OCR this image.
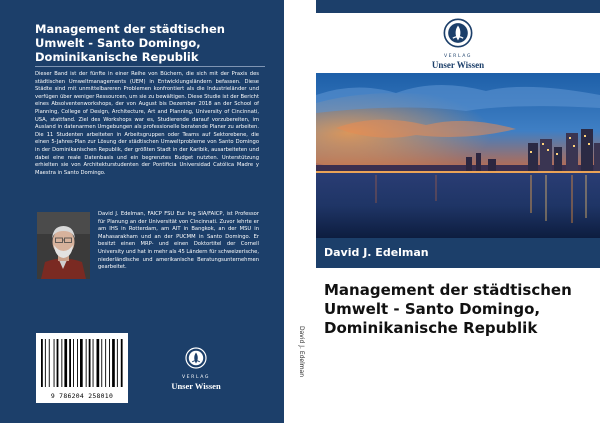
Management der städtischen Umwelt - Santo Domingo, Dominikanische Republik
Dieser Band ist der fünfte in einer Reihe von Büchern, die sich mit der Praxis des städtischen Umweltmanagements (UEM) in Entwicklungsländern befassen. Diese Städte sind mit unmittelbareren Problemen konfrontiert als die Industrieländer und verfügen über weniger Ressourcen, um sie zu bewältigen. Diese Studie ist der Bericht eines Absolventenworkshops, der von August bis Dezember 2018 an der School of Planning, College of Design, Architecture, Art and Planning, University of Cincinnati, USA, stattfand. Ziel des Workshops war es, Studierende darauf vorzubereiten, im Ausland in datenarmen Umgebungen als professionelle beratende Planer zu arbeiten. Die 11 Studenten arbeiteten in Arbeitsgruppen oder Teams auf Sektorebene, die einen 5-Jahres-Plan zur Lösung der städtischen Umweltprobleme von Santo Domingo in der Dominikanischen Republik, der größten Stadt in der Karibik, ausarbeiteten und dabei eine reale Datenbasis und ein begrenztes Budget nutzten. Unterstützung erhielten sie von Architekturstudenten der Pontificia Universidad Católica Madre y Maestra in Santo Domingo.
David J. Edelman, FAICP FSU Eur Ing SIA/FAICP, ist Professor für Planung an der Universität von Cincinnati. Zuvor lehrte er am IHS in Rotterdam, am AIT in Bangkok, an der MSU in Mahasarakham und an der PUCMM in Santo Domingo. Er besitzt einen MRP- und einen Doktortitel der Cornell University und hat in mehr als 45 Ländern für schweizerische, niederländische und amerikanische Beratungsunternehmen gearbeitet.
9 786204 258010
VERLAG
Unser Wissen
David J. Edelman
VERLAG
Unser Wissen
David J. Edelman
Management der städtischen Umwelt - Santo Domingo, Dominikanische Republik
